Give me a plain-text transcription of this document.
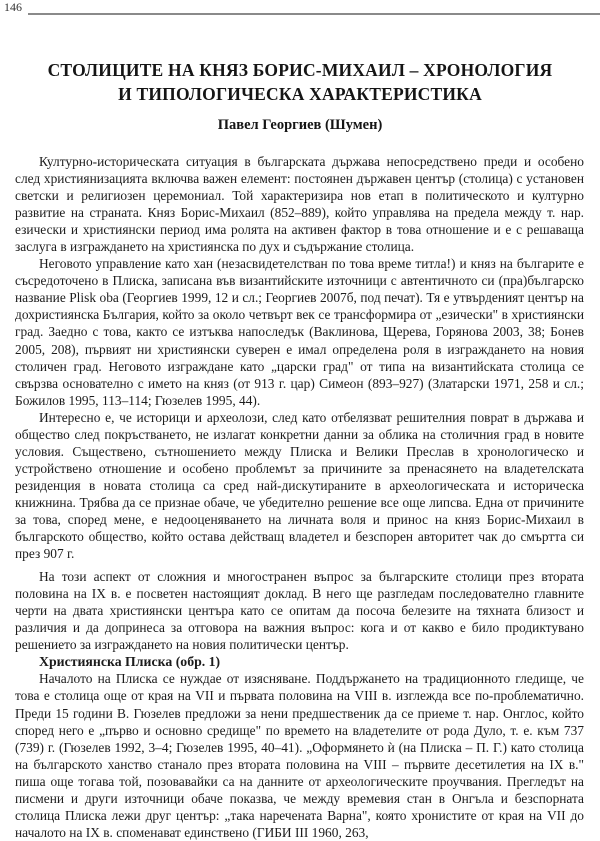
146
СТОЛИЦИТЕ НА КНЯЗ БОРИС-МИХАИЛ – ХРОНОЛОГИЯ
И ТИПОЛОГИЧЕСКА ХАРАКТЕРИСТИКА
Павел Георгиев (Шумен)

Културно-историческата ситуация в българската държава непосредствено преди и особено след християнизацията включва важен елемент: постоянен държавен център (столица) с установен светски и религиозен церемониал. Той характеризира нов етап в политическото и културно развитие на страната. Княз Борис-Михаил (852–889), който управлява на предела между т. нар. езически и християнски период има ролята на активен фактор в това отношение и е с решаваща заслуга в изграждането на християнска по дух и съдържание столица.

Неговото управление като хан (незасвидетелстван по това време титла!) и княз на българите е съсредоточено в Плиска, записана във византийските източници с автентичното си (пра)българско название Plisk oba (Георгиев 1999, 12 и сл.; Георгиев 2007б, под печат). Тя е утвърденият център на дохристиянска България, който за около четвърт век се трансформира от „езически" в християнски град. Заедно с това, както се изтъква напоследък (Ваклинова, Щерева, Горянова 2003, 38; Бонев 2005, 208), първият ни християнски суверен е имал определена роля в изграждането на новия столичен град. Неговото изграждане като „царски град" от типа на византийската столица се свързва основателно с името на княз (от 913 г. цар) Симеон (893–927) (Златарски 1971, 258 и сл.; Божилов 1995, 113–114; Гюзелев 1995, 44).

Интересно е, че историци и археолози, след като отбелязват решителния поврат в държава и общество след покръстването, не излагат конкретни данни за облика на столичния град в новите условия. Съществено, сътношението между Плиска и Велики Преслав в хронологическо и устройствено отношение и особено проблемът за причините за пренасянето на владетелската резиденция в новата столица са сред най-дискутираните в археологическата и историческа книжнина. Трябва да се признае обаче, че убедително решение все още липсва. Една от причините за това, според мене, е недооценяването на личната воля и принос на княз Борис-Михаил в българското общество, който остава действащ владетел и безспорен авторитет чак до смъртта си през 907 г.

На този аспект от сложния и многостранен въпрос за българските столици през втората половина на IX в. е посветен настоящият доклад. В него ще разгледам последователно главните черти на двата християнски центъра като се опитам да посоча белезите на тяхната близост и различия и да допринеса за отговора на важния въпрос: кога и от какво е било продиктувано решението за изграждането на новия политически център.

Християнска Плиска (обр. 1)

Началото на Плиска се нуждае от изясняване. Поддържането на традиционното гледище, че това е столица още от края на VII и първата половина на VIII в. изглежда все по-проблематично. Преди 15 години В. Гюзелев предложи за нени предшественик да се приеме т. нар. Онглос, който според него е „първо и основно средище" по времето на владетелите от рода Дуло, т. е. към 737 (739) г. (Гюзелев 1992, 3–4; Гюзелев 1995, 40–41). „Оформянето ѝ (на Плиска – П. Г.) като столица на българското ханство станало през втората половина на VIII – първите десетилетия на IX в." пиша още тогава той, позовавайки са на данните от археологическите проучвания. Прегледът на писмени и други източници обаче показва, че между времевия стан в Онгъла и безспорната столица Плиска лежи друг център: „така наречената Варна", която хронистите от края на VII до началото на IX в. споменават единствено (ГИБИ III 1960, 263,
